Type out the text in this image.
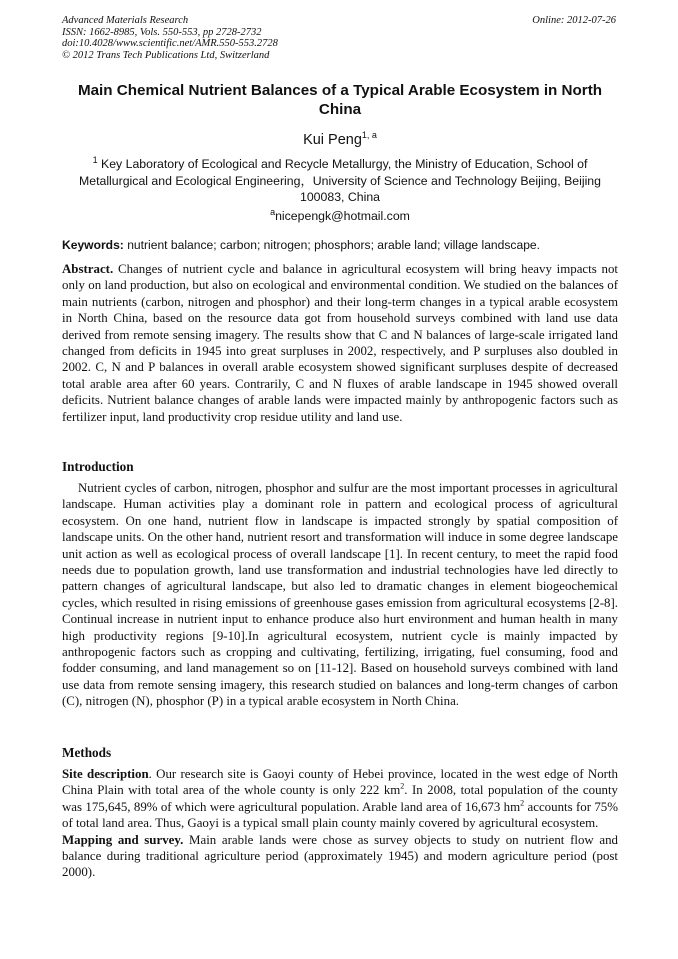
Advanced Materials Research
ISSN: 1662-8985, Vols. 550-553, pp 2728-2732
doi:10.4028/www.scientific.net/AMR.550-553.2728
© 2012 Trans Tech Publications Ltd, Switzerland
Online: 2012-07-26
Main Chemical Nutrient Balances of a Typical Arable Ecosystem in North China
Kui Peng$^{1, a}$
$^1$ Key Laboratory of Ecological and Recycle Metallurgy, the Ministry of Education, School of Metallurgical and Ecological Engineering，University of Science and Technology Beijing, Beijing 100083, China
$^a$nicepengk@hotmail.com
Keywords: nutrient balance; carbon; nitrogen; phosphors; arable land; village landscape.
Abstract. Changes of nutrient cycle and balance in agricultural ecosystem will bring heavy impacts not only on land production, but also on ecological and environmental condition. We studied on the balances of main nutrients (carbon, nitrogen and phosphor) and their long-term changes in a typical arable ecosystem in North China, based on the resource data got from household surveys combined with land use data derived from remote sensing imagery. The results show that C and N balances of large-scale irrigated land changed from deficits in 1945 into great surpluses in 2002, respectively, and P surpluses also doubled in 2002. C, N and P balances in overall arable ecosystem showed significant surpluses despite of decreased total arable area after 60 years. Contrarily, C and N fluxes of arable landscape in 1945 showed overall deficits. Nutrient balance changes of arable lands were impacted mainly by anthropogenic factors such as fertilizer input, land productivity crop residue utility and land use.
Introduction
Nutrient cycles of carbon, nitrogen, phosphor and sulfur are the most important processes in agricultural landscape. Human activities play a dominant role in pattern and ecological process of agricultural ecosystem. On one hand, nutrient flow in landscape is impacted strongly by spatial composition of landscape units. On the other hand, nutrient resort and transformation will induce in some degree landscape unit action as well as ecological process of overall landscape [1]. In recent century, to meet the rapid food needs due to population growth, land use transformation and industrial technologies have led directly to pattern changes of agricultural landscape, but also led to dramatic changes in element biogeochemical cycles, which resulted in rising emissions of greenhouse gases emission from agricultural ecosystems [2-8]. Continual increase in nutrient input to enhance produce also hurt environment and human health in many high productivity regions [9-10].In agricultural ecosystem, nutrient cycle is mainly impacted by anthropogenic factors such as cropping and cultivating, fertilizing, irrigating, fuel consuming, food and fodder consuming, and land management so on [11-12]. Based on household surveys combined with land use data from remote sensing imagery, this research studied on balances and long-term changes of carbon (C), nitrogen (N), phosphor (P) in a typical arable ecosystem in North China.
Methods

Site description. Our research site is Gaoyi county of Hebei province, located in the west edge of North China Plain with total area of the whole county is only 222 $km^2$. In 2008, total population of the county was 175,645, 89% of which were agricultural population. Arable land area of 16,673 $hm^2$ accounts for 75% of total land area. Thus, Gaoyi is a typical small plain county mainly covered by agricultural ecosystem.

Mapping and survey. Main arable lands were chose as survey objects to study on nutrient flow and balance during traditional agriculture period (approximately 1945) and modern agriculture period (post 2000).
